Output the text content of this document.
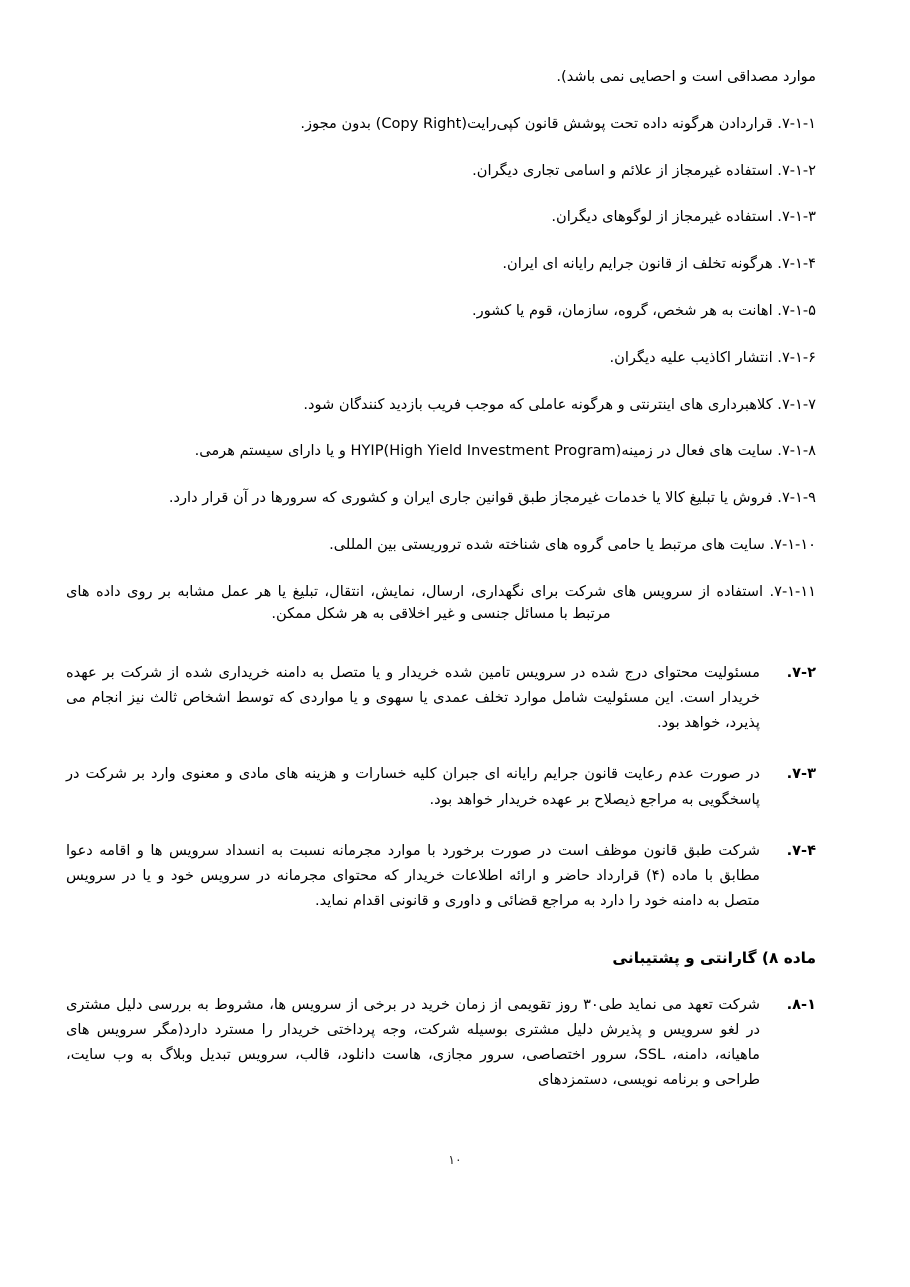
موارد مصداقی است و احصایی نمی باشد).

۷-۱-۱. قراردادن هرگونه داده تحت پوشش قانون کپی‌رایت(Copy Right) بدون مجوز.

۷-۱-۲. استفاده غیرمجاز از علائم و اسامی تجاری دیگران.

۷-۱-۳. استفاده غیرمجاز از لوگوهای دیگران.

۷-۱-۴. هرگونه تخلف از قانون جرایم رایانه ای ایران.

۷-۱-۵. اهانت به هر شخص، گروه، سازمان، قوم یا کشور.

۷-۱-۶. انتشار اکاذیب علیه دیگران.

۷-۱-۷. کلاهبرداری های اینترنتی و هرگونه عاملی که موجب فریب بازدید کنندگان شود.

۷-۱-۸. سایت های فعال در زمینه(HYIP(High Yield Investment Program و یا دارای سیستم هرمی.

۷-۱-۹. فروش یا تبلیغ کالا یا خدمات غیرمجاز طبق قوانین جاری ایران و کشوری که سرورها در آن قرار دارد.

۷-۱-۱۰. سایت های مرتبط یا حامی گروه های شناخته شده تروریستی بین المللی.

۷-۱-۱۱. استفاده از سرویس های شرکت برای نگهداری، ارسال، نمایش، انتقال، تبلیغ یا هر عمل مشابه بر روی داده های مرتبط با مسائل جنسی و غیر اخلاقی به هر شکل ممکن.

۷-۲.
مسئولیت محتوای درج شده در سرویس تامین شده خریدار و یا متصل به دامنه خریداری شده از شرکت بر عهده خریدار است. این مسئولیت شامل موارد تخلف عمدی یا سهوی و یا مواردی که توسط اشخاص ثالث نیز انجام می پذیرد، خواهد بود.
۷-۳.
در صورت عدم رعایت قانون جرایم رایانه ای جبران کلیه خسارات و هزینه های مادی و معنوی وارد بر شرکت در پاسخگویی به مراجع ذیصلاح بر عهده خریدار خواهد بود.
۷-۴.
شرکت طبق قانون موظف است در صورت برخورد با موارد مجرمانه نسبت به انسداد سرویس ها و اقامه دعوا مطابق با ماده (۴) قرارداد حاضر و ارائه اطلاعات خریدار که محتوای مجرمانه در سرویس خود و یا در سرویس متصل به دامنه خود را دارد به مراجع قضائی و داوری و قانونی اقدام نماید.
ماده ۸) گارانتی و پشتیبانی
۸-۱.
شرکت تعهد می نماید طی۳۰ روز تقویمی از زمان خرید در برخی از سرویس ها، مشروط به بررسی دلیل مشتری در لغو سرویس و پذیرش دلیل مشتری بوسیله شرکت، وجه پرداختی خریدار را مسترد دارد(مگر سرویس های ماهیانه، دامنه، SSL، سرور اختصاصی، سرور مجازی، هاست دانلود، قالب، سرویس تبدیل وبلاگ به وب سایت، طراحی و برنامه نویسی، دستمزدهای
۱۰
